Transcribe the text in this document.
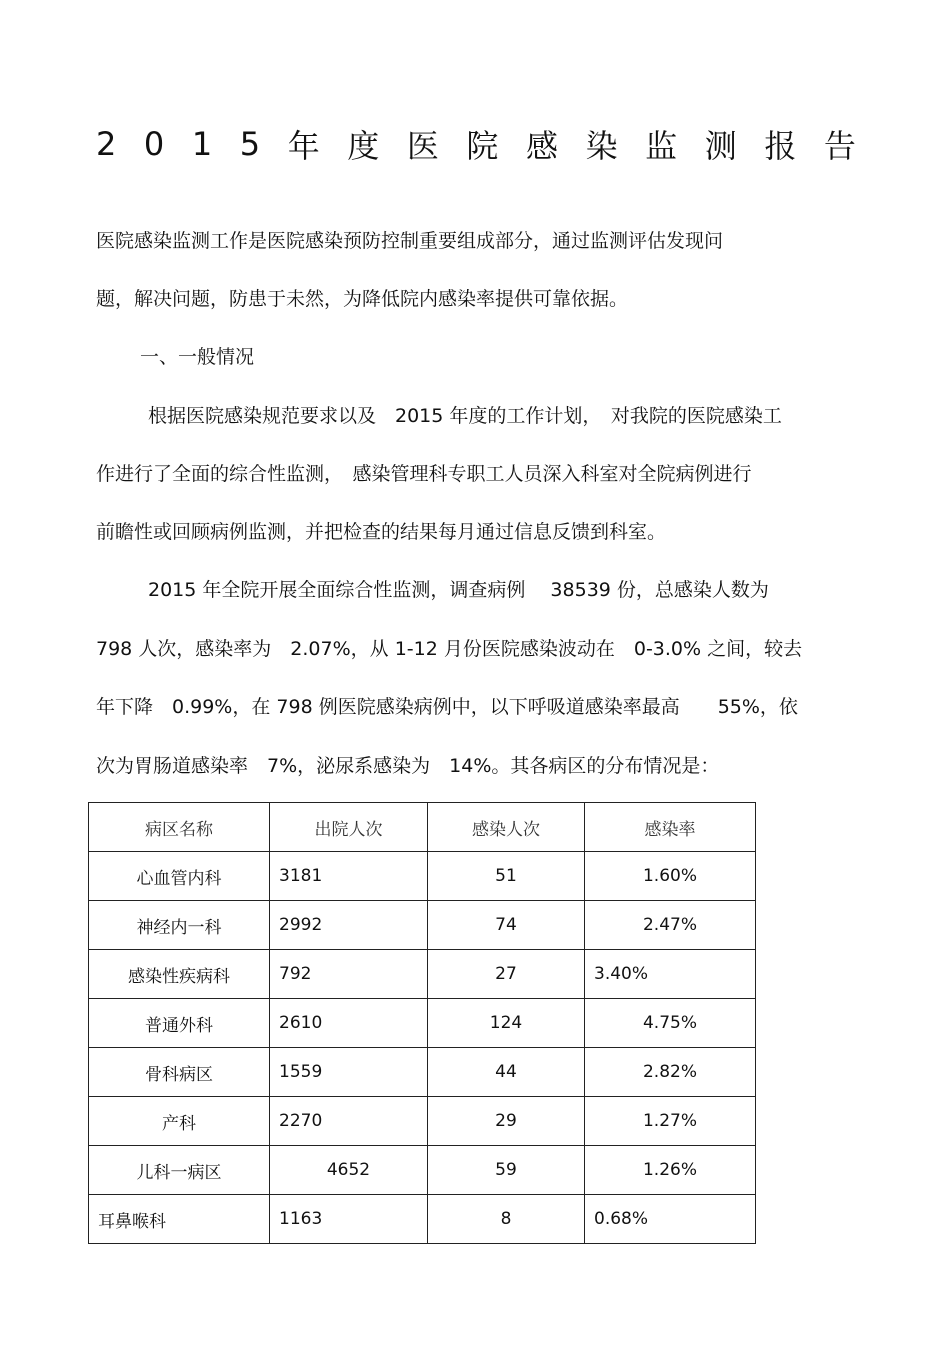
2 0 1 5 年 度 医 院 感 染 监 测 报 告
医院感染监测工作是医院感染预防控制重要组成部分，通过监测评估发现问
题，解决问题，防患于未然，为降低院内感染率提供可靠依据。
一、一般情况
根据医院感染规范要求以及　2015 年度的工作计划，　对我院的医院感染工
作进行了全面的综合性监测，　感染管理科专职工人员深入科室对全院病例进行
前瞻性或回顾病例监测，并把检查的结果每月通过信息反馈到科室。
2015 年全院开展全面综合性监测，调查病例　 38539 份，总感染人数为
798 人次，感染率为　2.07%，从 1-12 月份医院感染波动在　0-3.0% 之间，较去
年下降　0.99%，在 798 例医院感染病例中，以下呼吸道感染率最高　　55%，依
次为胃肠道感染率　7%，泌尿系感染为　14%。其各病区的分布情况是：
病区名称	出院人次	感染人次	感染率
心血管内科	3181	51	1.60%
神经内一科	2992	74	2.47%
感染性疾病科	792	27	3.40%
普通外科	2610	124	4.75%
骨科病区	1559	44	2.82%
产科	2270	29	1.27%
儿科一病区	4652	59	1.26%
耳鼻喉科	1163	8	0.68%
